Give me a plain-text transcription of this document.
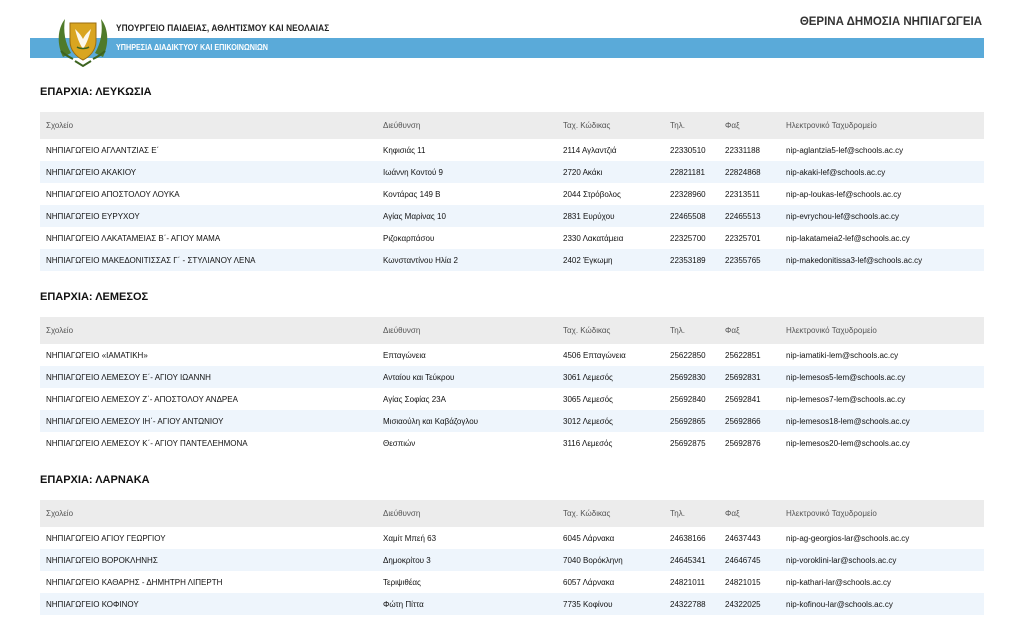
ΥΠΟΥΡΓΕΙΟ ΠΑΙΔΕΙΑΣ, ΑΘΛΗΤΙΣΜΟΥ ΚΑΙ ΝΕΟΛΑΙΑΣ
ΥΠΗΡΕΣΙΑ ΔΙΑΔΙΚΤΥΟΥ ΚΑΙ ΕΠΙΚΟΙΝΩΝΙΩΝ
ΘΕΡΙΝΑ ΔΗΜΟΣΙΑ ΝΗΠΙΑΓΩΓΕΙΑ
ΕΠΑΡΧΙΑ: ΛΕΥΚΩΣΙΑ
Σχολείο	Διεύθυνση	Ταχ. Κώδικας	Τηλ.	Φαξ	Ηλεκτρονικό Ταχυδρομείο
ΝΗΠΙΑΓΩΓΕΙΟ ΑΓΛΑΝΤΖΙΑΣ Ε΄	Κηφισιάς 11	2114 Αγλαντζιά	22330510	22331188	nip-aglantzia5-lef@schools.ac.cy
ΝΗΠΙΑΓΩΓΕΙΟ ΑΚΑΚΙΟΥ	Ιωάννη Κοντού 9	2720 Ακάκι	22821181	22824868	nip-akaki-lef@schools.ac.cy
ΝΗΠΙΑΓΩΓΕΙΟ ΑΠΟΣΤΟΛΟΥ ΛΟΥΚΑ	Κοντάρας 149 Β	2044 Στρόβολος	22328960	22313511	nip-ap-loukas-lef@schools.ac.cy
ΝΗΠΙΑΓΩΓΕΙΟ ΕΥΡΥΧΟΥ	Αγίας Μαρίνας 10	2831 Ευρύχου	22465508	22465513	nip-evrychou-lef@schools.ac.cy
ΝΗΠΙΑΓΩΓΕΙΟ ΛΑΚΑΤΑΜΕΙΑΣ Β΄- ΑΓΙΟΥ ΜΑΜΑ	Ριζοκαρπάσου	2330 Λακατάμεια	22325700	22325701	nip-lakatameia2-lef@schools.ac.cy
ΝΗΠΙΑΓΩΓΕΙΟ ΜΑΚΕΔΟΝΙΤΙΣΣΑΣ Γ΄ - ΣΤΥΛΙΑΝΟΥ ΛΕΝΑ	Κωνσταντίνου Ηλία 2	2402 Έγκωμη	22353189	22355765	nip-makedonitissa3-lef@schools.ac.cy
ΕΠΑΡΧΙΑ: ΛΕΜΕΣΟΣ
Σχολείο	Διεύθυνση	Ταχ. Κώδικας	Τηλ.	Φαξ	Ηλεκτρονικό Ταχυδρομείο
ΝΗΠΙΑΓΩΓΕΙΟ «ΙΑΜΑΤΙΚΗ»	Επταγώνεια	4506 Επταγώνεια	25622850	25622851	nip-iamatiki-lem@schools.ac.cy
ΝΗΠΙΑΓΩΓΕΙΟ ΛΕΜΕΣΟΥ Ε΄- ΑΓΙΟΥ ΙΩΑΝΝΗ	Ανταίου και Τεύκρου	3061 Λεμεσός	25692830	25692831	nip-lemesos5-lem@schools.ac.cy
ΝΗΠΙΑΓΩΓΕΙΟ ΛΕΜΕΣΟΥ Ζ΄- ΑΠΟΣΤΟΛΟΥ ΑΝΔΡΕΑ	Αγίας Σοφίας 23Α	3065 Λεμεσός	25692840	25692841	nip-lemesos7-lem@schools.ac.cy
ΝΗΠΙΑΓΩΓΕΙΟ ΛΕΜΕΣΟΥ ΙΗ΄- ΑΓΙΟΥ ΑΝΤΩΝΙΟΥ	Μισιαούλη και Καβάζογλου	3012 Λεμεσός	25692865	25692866	nip-lemesos18-lem@schools.ac.cy
ΝΗΠΙΑΓΩΓΕΙΟ ΛΕΜΕΣΟΥ Κ΄- ΑΓΙΟΥ ΠΑΝΤΕΛΕΗΜΟΝΑ	Θεσπιών	3116 Λεμεσός	25692875	25692876	nip-lemesos20-lem@schools.ac.cy
ΕΠΑΡΧΙΑ: ΛΑΡΝΑΚΑ
Σχολείο	Διεύθυνση	Ταχ. Κώδικας	Τηλ.	Φαξ	Ηλεκτρονικό Ταχυδρομείο
ΝΗΠΙΑΓΩΓΕΙΟ ΑΓΙΟΥ ΓΕΩΡΓΙΟΥ	Χαμίτ Μπεή 63	6045 Λάρνακα	24638166	24637443	nip-ag-georgios-lar@schools.ac.cy
ΝΗΠΙΑΓΩΓΕΙΟ ΒΟΡΟΚΛΗΝΗΣ	Δημοκρίτου 3	7040 Βορόκληνη	24645341	24646745	nip-voroklini-lar@schools.ac.cy
ΝΗΠΙΑΓΩΓΕΙΟ ΚΑΘΑΡΗΣ - ΔΗΜΗΤΡΗ ΛΙΠΕΡΤΗ	Τεριψιθέας	6057 Λάρνακα	24821011	24821015	nip-kathari-lar@schools.ac.cy
ΝΗΠΙΑΓΩΓΕΙΟ ΚΟΦΙΝΟΥ	Φώτη Πίττα	7735 Κοφίνου	24322788	24322025	nip-kofinou-lar@schools.ac.cy
